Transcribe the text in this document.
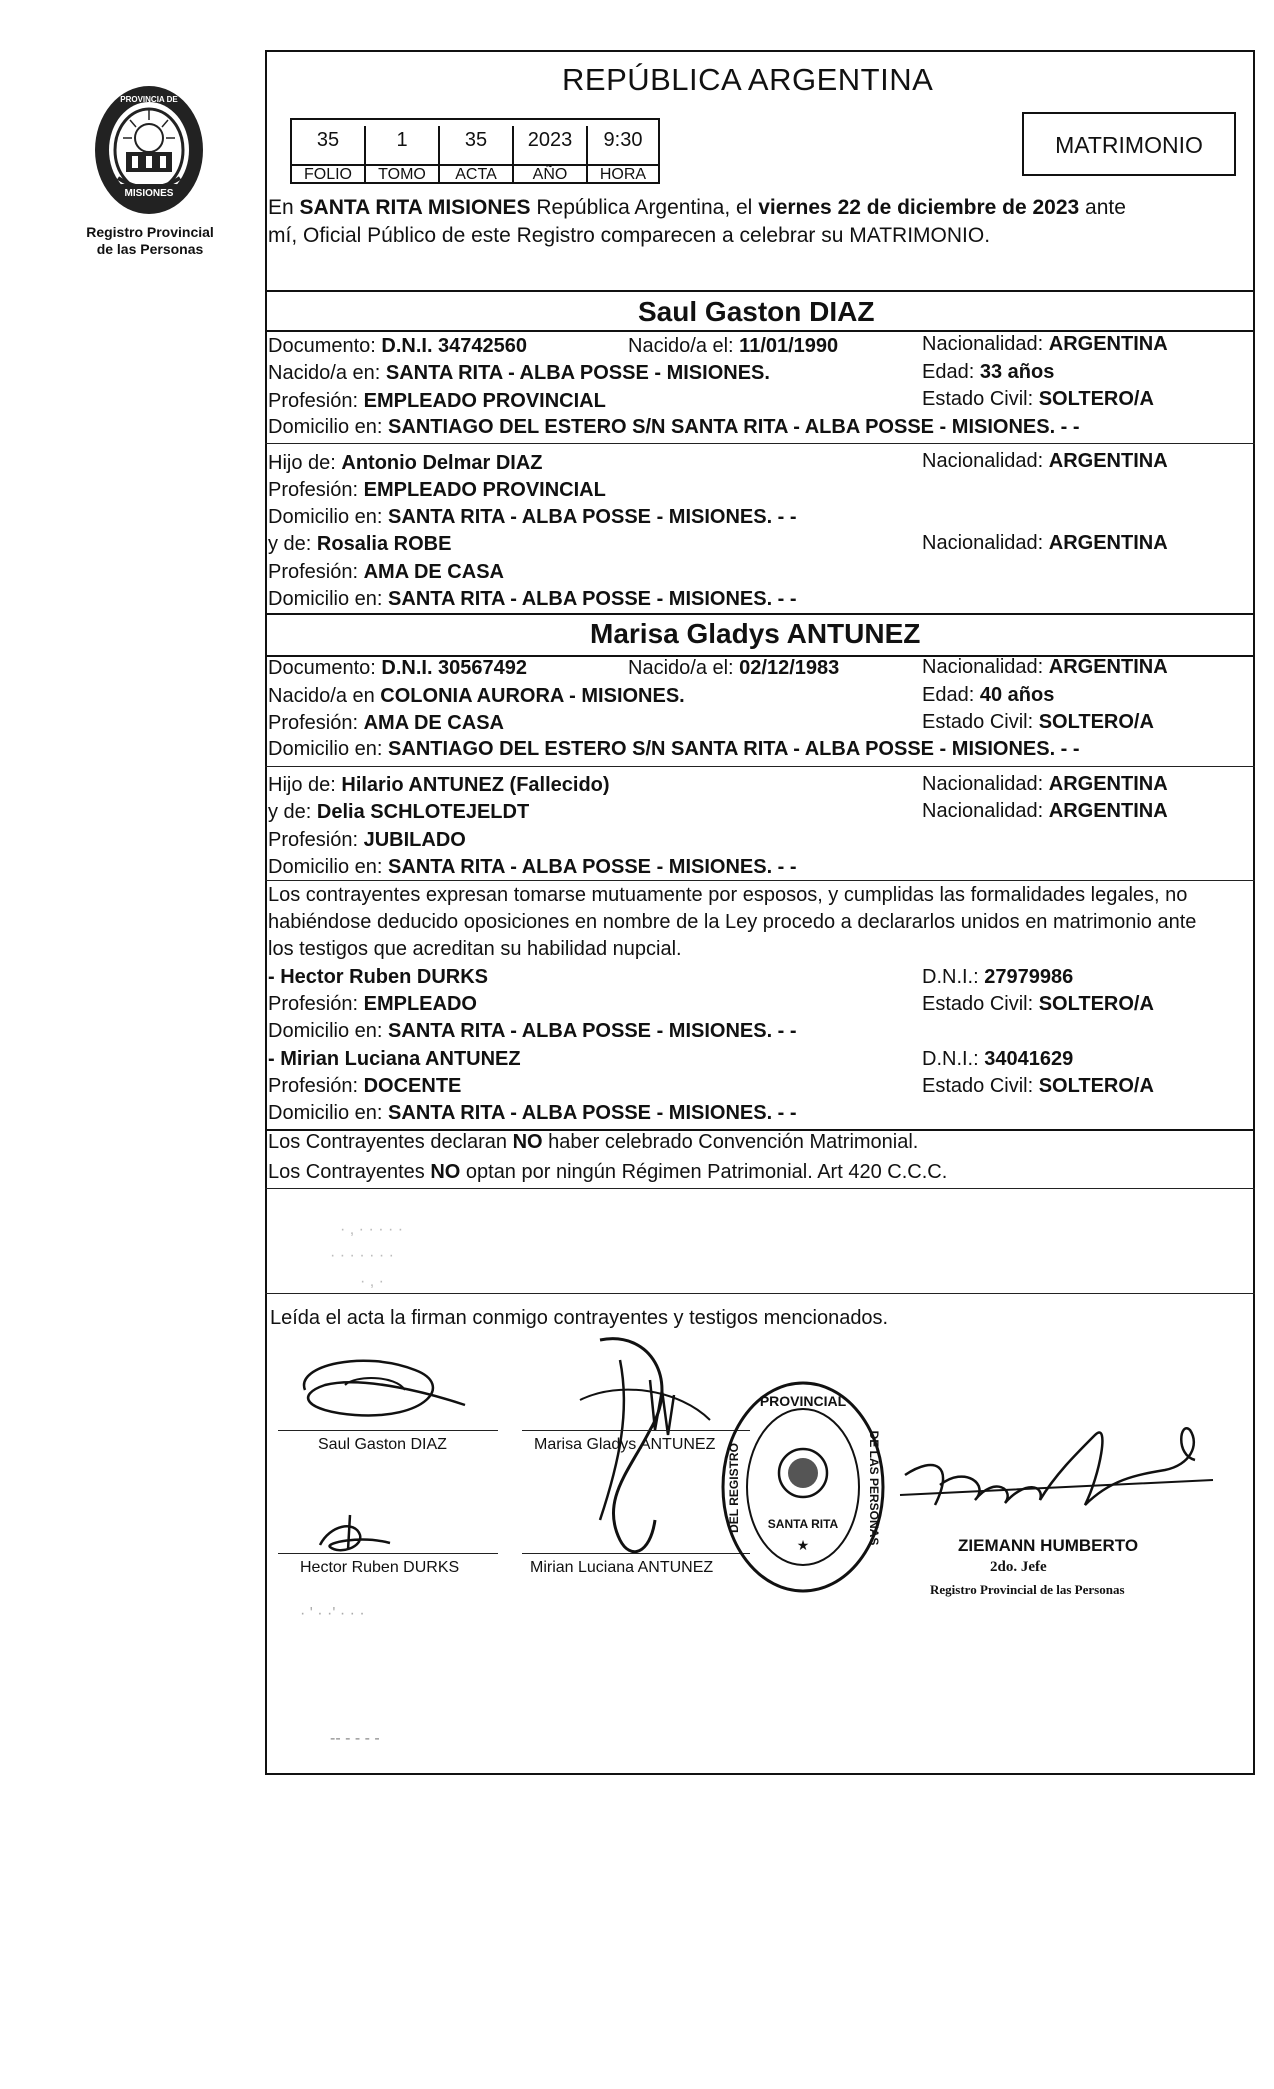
MISIONES
PROVINCIA DE
Registro Provincial
de las Personas
REPÚBLICA ARGENTINA
35	1	35	2023	9:30
FOLIO	TOMO	ACTA	AÑO	HORA
MATRIMONIO
En SANTA RITA MISIONES República Argentina, el viernes 22 de diciembre de 2023 ante
mí, Oficial Público de este Registro comparecen a celebrar su MATRIMONIO.
Saul Gaston DIAZ
Documento: D.N.I. 34742560	Nacido/a el: 11/01/1990	Nacionalidad: ARGENTINA
Nacido/a en: SANTA RITA - ALBA POSSE - MISIONES.	Edad: 33 años
Profesión: EMPLEADO PROVINCIAL	Estado Civil: SOLTERO/A
Domicilio en: SANTIAGO DEL ESTERO S/N SANTA RITA - ALBA POSSE - MISIONES. - -
Hijo de: Antonio Delmar DIAZ	Nacionalidad: ARGENTINA
Profesión: EMPLEADO PROVINCIAL
Domicilio en: SANTA RITA - ALBA POSSE - MISIONES. - -
y de: Rosalia ROBE	Nacionalidad: ARGENTINA
Profesión: AMA DE CASA
Domicilio en: SANTA RITA - ALBA POSSE - MISIONES. - -
Marisa Gladys ANTUNEZ
Documento: D.N.I. 30567492	Nacido/a el: 02/12/1983	Nacionalidad: ARGENTINA
Nacido/a en COLONIA AURORA - MISIONES.	Edad: 40 años
Profesión: AMA DE CASA	Estado Civil: SOLTERO/A
Domicilio en: SANTIAGO DEL ESTERO S/N SANTA RITA - ALBA POSSE - MISIONES. - -
Hijo de: Hilario ANTUNEZ (Fallecido)	Nacionalidad: ARGENTINA
y de: Delia SCHLOTEJELDT	Nacionalidad: ARGENTINA
Profesión: JUBILADO
Domicilio en: SANTA RITA - ALBA POSSE - MISIONES. - -
Los contrayentes expresan tomarse mutuamente por esposos, y cumplidas las formalidades legales, no
habiéndose deducido oposiciones en nombre de la Ley procedo a declararlos unidos en matrimonio ante
los testigos que acreditan su habilidad nupcial.
- Hector Ruben DURKS	D.N.I.: 27979986
Profesión: EMPLEADO	Estado Civil: SOLTERO/A
Domicilio en: SANTA RITA - ALBA POSSE - MISIONES. - -
- Mirian Luciana ANTUNEZ	D.N.I.: 34041629
Profesión: DOCENTE	Estado Civil: SOLTERO/A
Domicilio en: SANTA RITA - ALBA POSSE - MISIONES. - -
Los Contrayentes declaran NO haber celebrado Convención Matrimonial.
Los Contrayentes NO optan por ningún Régimen Patrimonial. Art 420 C.C.C.
· , · · · · ·
· · · · · · ·
· , ·
Leída el acta la firman conmigo contrayentes y testigos mencionados.
Saul Gaston DIAZ	Marisa Gladys ANTUNEZ
Hector Ruben DURKS	Mirian Luciana ANTUNEZ
PROVINCIAL
DEL REGISTRO	DE LAS PERSONAS
SANTA RITA
★	ZIEMANN HUMBERTO
2do. Jefe
Registro Provincial de las Personas
· ' · ·' · · ·
-- - - - -
